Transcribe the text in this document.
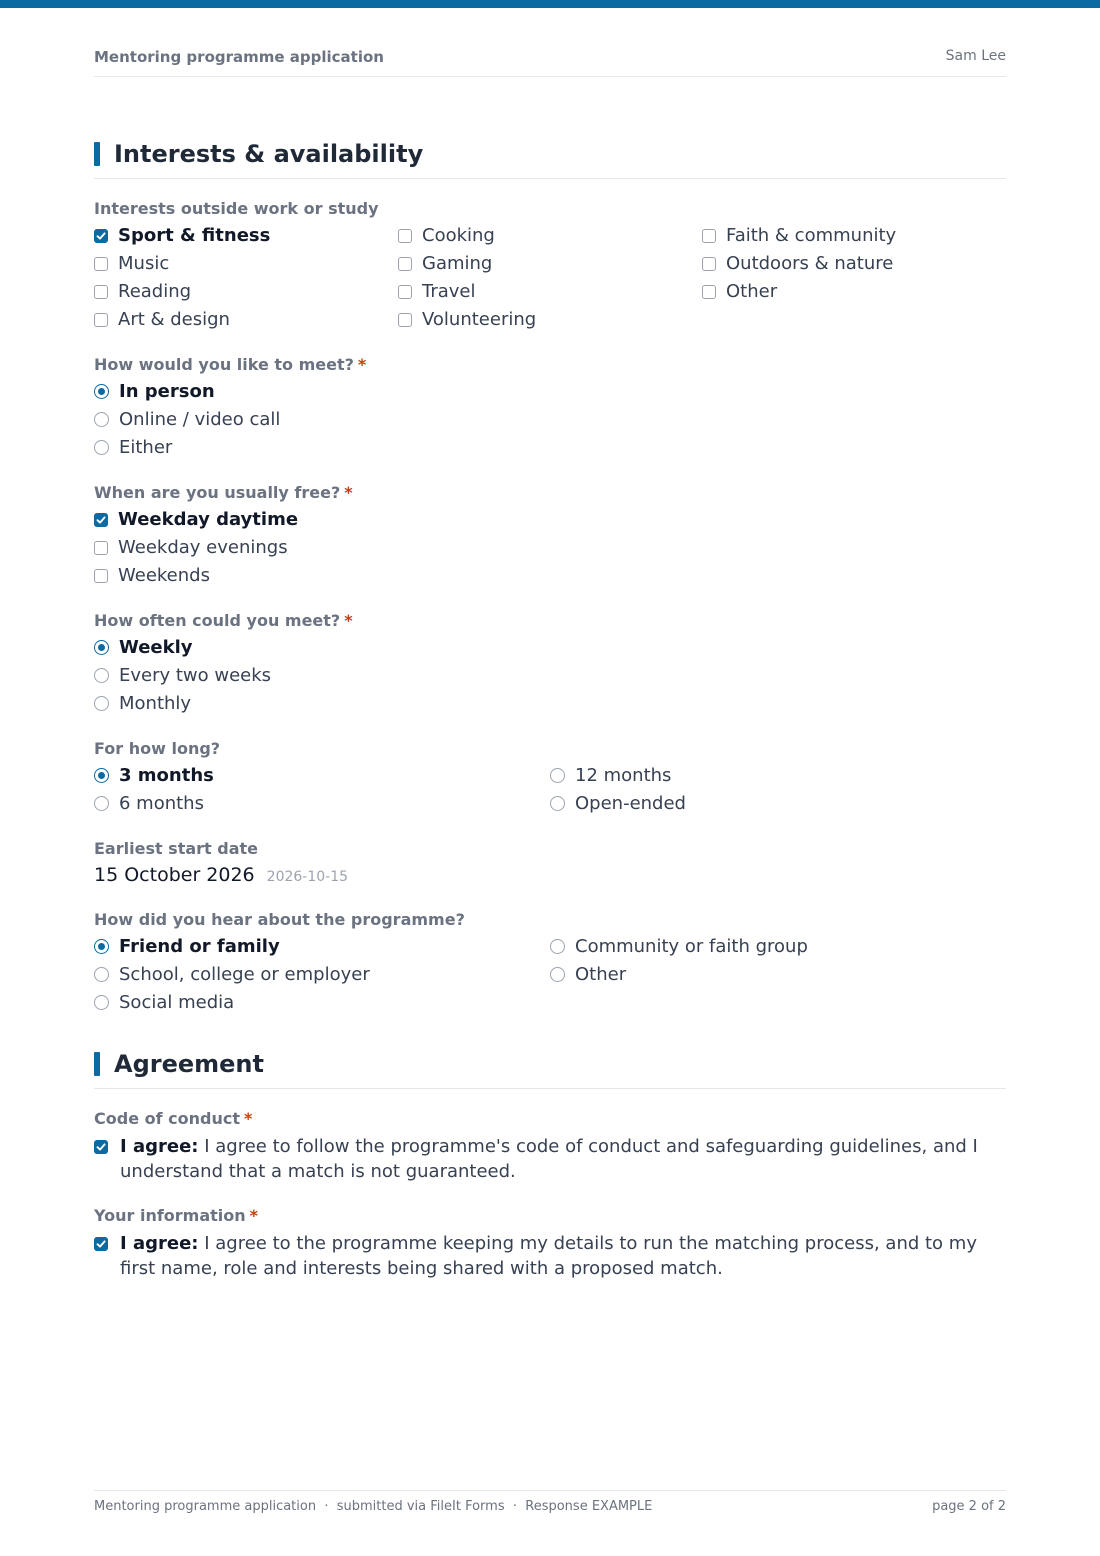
Mentoring programme application	Sam Lee
Interests & availability
Interests outside work or study
Sport & fitness
Music
Reading
Art & design
Cooking
Gaming
Travel
Volunteering
Faith & community
Outdoors & nature
Other
How would you like to meet? *
In person
Online / video call
Either
When are you usually free? *
Weekday daytime
Weekday evenings
Weekends
How often could you meet? *
Weekly
Every two weeks
Monthly
For how long?
3 months
6 months
12 months
Open-ended
Earliest start date
15 October 2026 2026-10-15
How did you hear about the programme?
Friend or family
School, college or employer
Social media
Community or faith group
Other
Agreement
Code of conduct *
I agree: I agree to follow the programme's code of conduct and safeguarding guidelines, and I understand that a match is not guaranteed.
Your information *
I agree: I agree to the programme keeping my details to run the matching process, and to my first name, role and interests being shared with a proposed match.
Mentoring programme application  ·  submitted via FileIt Forms  ·  Response EXAMPLE	page 2 of 2
